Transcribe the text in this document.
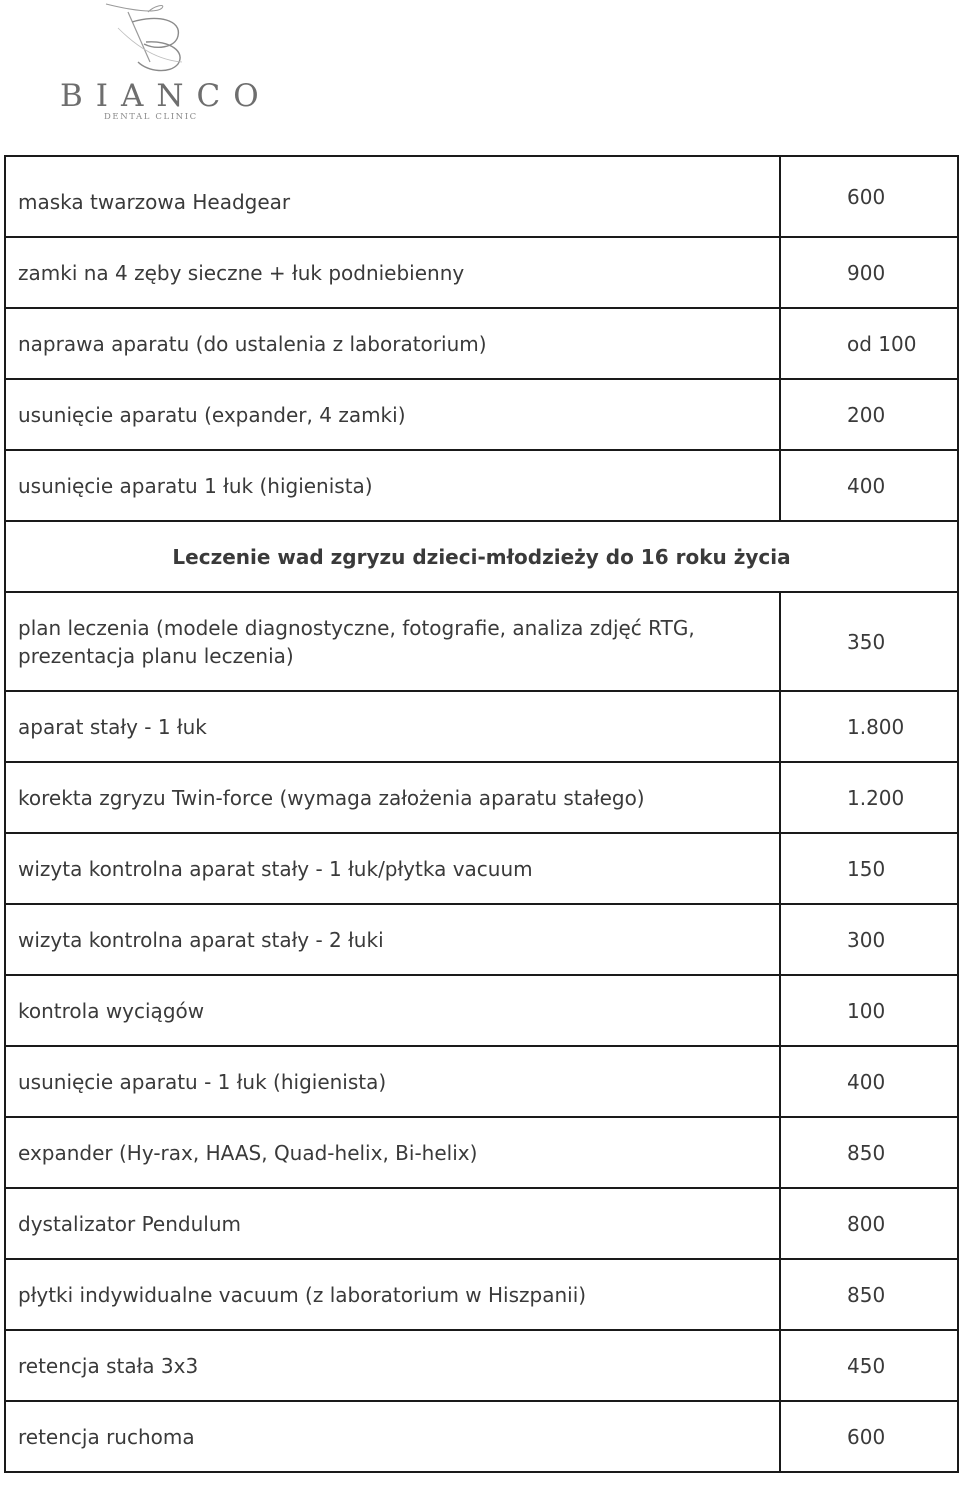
BIANCO
DENTAL CLINIC
maska twarzowa Headgear	600
zamki na 4 zęby sieczne + łuk podniebienny	900
naprawa aparatu (do ustalenia z laboratorium)	od 100
usunięcie aparatu (expander, 4 zamki)	200
usunięcie aparatu 1 łuk (higienista)	400
Leczenie wad zgryzu dzieci-młodzieży do 16 roku życia	
plan leczenia (modele diagnostyczne, fotografie, analiza zdjęć RTG, prezentacja planu leczenia)	350
aparat stały - 1 łuk	1.800
korekta zgryzu Twin-force (wymaga założenia aparatu stałego)	1.200
wizyta kontrolna aparat stały - 1 łuk/płytka vacuum	150
wizyta kontrolna aparat stały - 2 łuki	300
kontrola wyciągów	100
usunięcie aparatu - 1 łuk (higienista)	400
expander (Hy-rax, HAAS, Quad-helix, Bi-helix)	850
dystalizator Pendulum	800
płytki indywidualne vacuum (z laboratorium w Hiszpanii)	850
retencja stała 3x3	450
retencja ruchoma	600
